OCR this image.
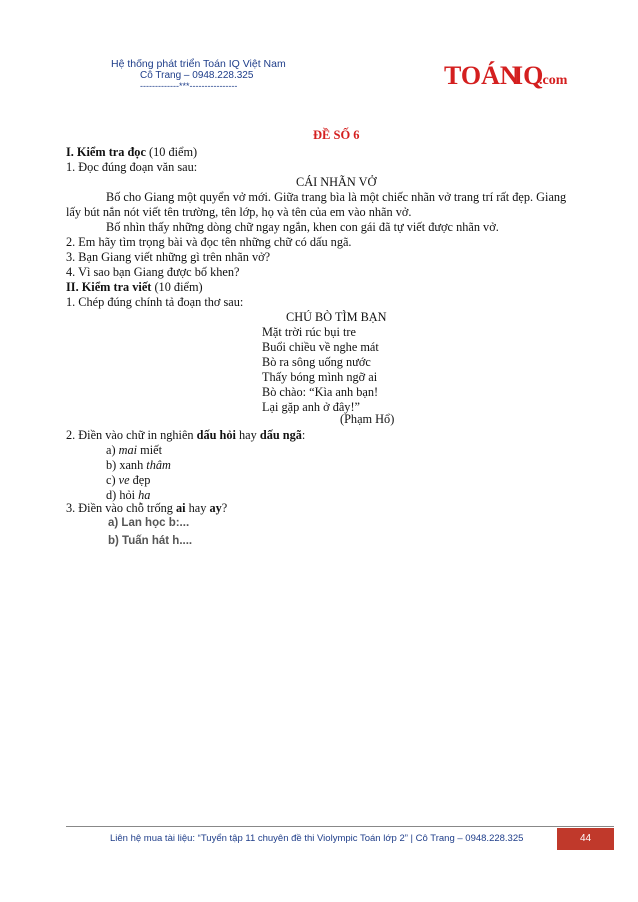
Hệ thống phát triển Toán IQ Việt Nam
Cô Trang – 0948.228.325
-------------***----------------	TOÁN
IQ
.com
ĐỀ SỐ 6
I. Kiểm tra đọc (10 điểm)
1. Đọc đúng đoạn văn sau:
CÁI NHÃN VỞ
Bố cho Giang một quyển vở mới. Giữa trang bìa là một chiếc nhãn vở trang trí rất đẹp. Giang
lấy bút nắn nót viết tên trường, tên lớp, họ và tên của em vào nhãn vở.
Bố nhìn thấy những dòng chữ ngay ngắn, khen con gái đã tự viết được nhãn vở.
2. Em hãy tìm trọng bài và đọc tên những chữ có dấu ngã.
3. Bạn Giang viết những gì trên nhãn vở?
4. Vì sao bạn Giang được bố khen?
II. Kiểm tra viết (10 điểm)
1. Chép đúng chính tả đoạn thơ sau:
CHÚ BÒ TÌM BẠN
Mặt trời rúc bụi tre
Buổi chiều về nghe mát
Bò ra sông uống nước
Thấy bóng mình ngỡ ai
Bò chào: “Kìa anh bạn!
Lại gặp anh ở đây!”
(Phạm Hổ)
2. Điền vào chữ in nghiên dấu hỏi hay dấu ngã:
a) mai miết
b) xanh thâm
c) ve đẹp
d) hỏi ha
3. Điền vào chỗ trống ai hay ay?
a) Lan học b:...
b) Tuấn hát h....
Liên hệ mua tài liệu: “Tuyển tập 11 chuyên đề thi Violympic Toán lớp 2” | Cô Trang – 0948.228.325	44
